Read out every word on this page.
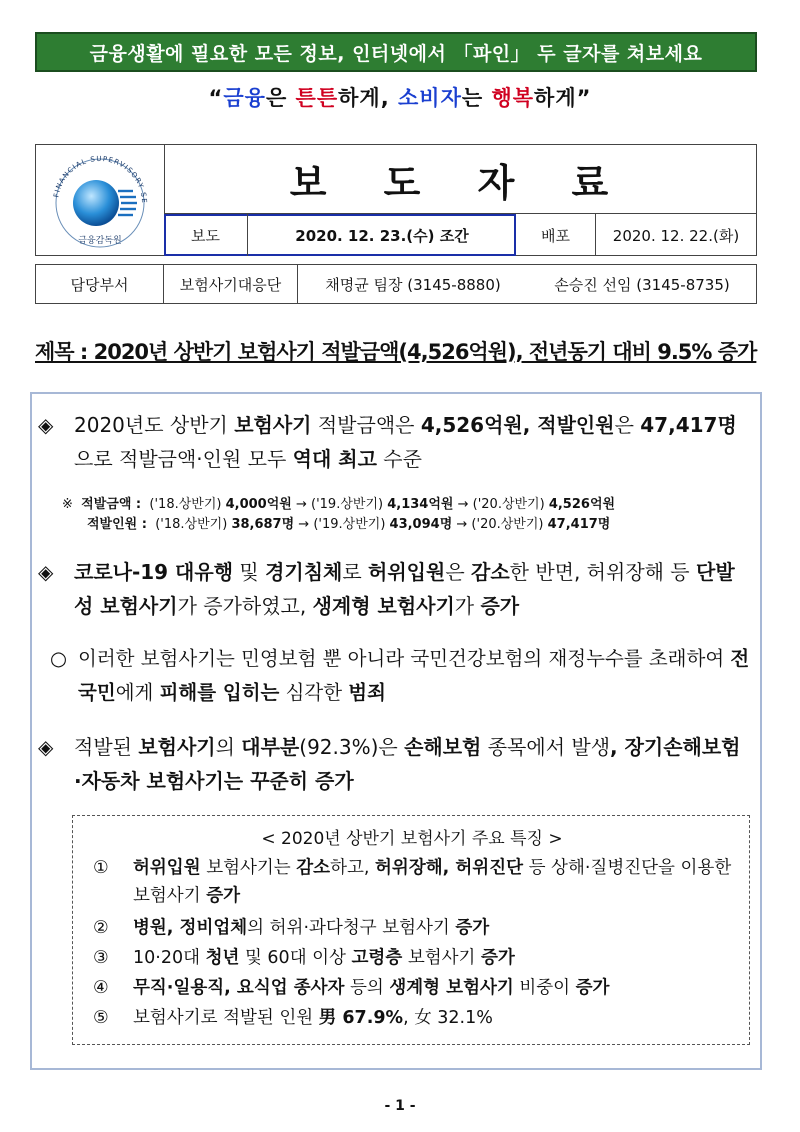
금융생활에 필요한 모든 정보, 인터넷에서 「파인」 두 글자를 쳐보세요
“금융은 튼튼하게, 소비자는 행복하게”
FINANCIAL SUPERVISORY SE
금융감독원
보 도 자 료
보도	2020. 12. 23.(수) 조간	배포	2020. 12. 22.(화)
담당부서	보험사기대응단	채명균 팀장 (3145-8880)	손승진 선임 (3145-8735)
제목 : 2020년 상반기 보험사기 적발금액(4,526억원), 전년동기 대비 9.5% 증가
◈	2020년도 상반기 보험사기 적발금액은 4,526억원, 적발인원은 47,417명으로 적발금액·인원 모두 역대 최고 수준
※ 적발금액 : ('18.상반기) 4,000억원 → ('19.상반기) 4,134억원 → ('20.상반기) 4,526억원
적발인원 : ('18.상반기) 38,687명 → ('19.상반기) 43,094명 → ('20.상반기) 47,417명
◈	코로나-19 대유행 및 경기침체로 허위입원은 감소한 반면, 허위장해 등 단발성 보험사기가 증가하였고, 생계형 보험사기가 증가
○ 이러한 보험사기는 민영보험 뿐 아니라 국민건강보험의 재정누수를 초래하여 전 국민에게 피해를 입히는 심각한 범죄
◈	적발된 보험사기의 대부분(92.3%)은 손해보험 종목에서 발생, 장기손해보험·자동차 보험사기는 꾸준히 증가
< 2020년 상반기 보험사기 주요 특징 >
①	허위입원 보험사기는 감소하고, 허위장해, 허위진단 등 상해·질병진단을 이용한 보험사기 증가
②	병원, 정비업체의 허위·과다청구 보험사기 증가
③	10·20대 청년 및 60대 이상 고령층 보험사기 증가
④	무직·일용직, 요식업 종사자 등의 생계형 보험사기 비중이 증가
⑤	보험사기로 적발된 인원 男 67.9%, 女 32.1%
- 1 -
